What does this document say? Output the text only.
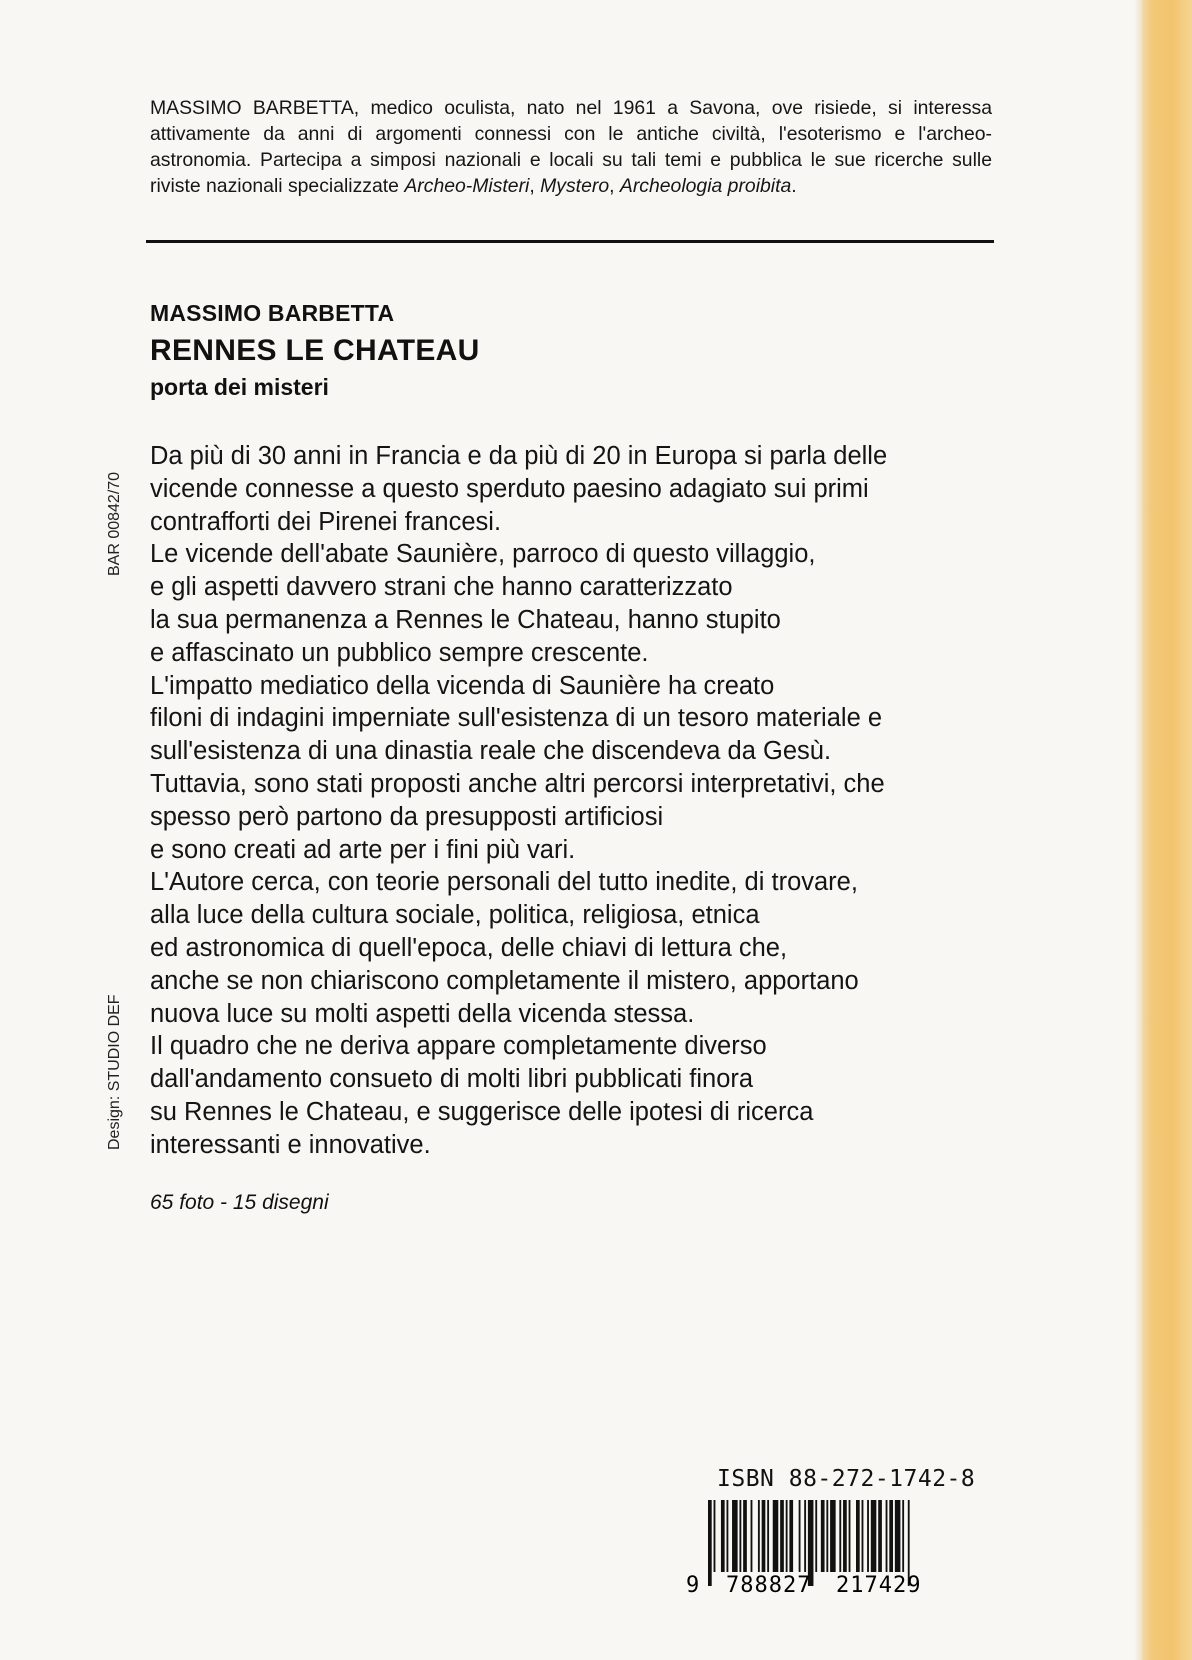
MASSIMO BARBETTA, medico oculista, nato nel 1961 a Savona, ove risiede, si interessa attivamente da anni di argomenti connessi con le antiche civiltà, l'esoterismo e l'archeo-astronomia. Partecipa a simposi nazionali e locali su tali temi e pubblica le sue ricerche sulle riviste nazionali specializzate Archeo-Misteri, Mystero, Archeologia proibita.

MASSIMO BARBETTA
RENNES LE CHATEAU
porta dei misteri
Da più di 30 anni in Francia e da più di 20 in Europa si parla delle
vicende connesse a questo sperduto paesino adagiato sui primi
contrafforti dei Pirenei francesi.
Le vicende dell'abate Saunière, parroco di questo villaggio,
e gli aspetti davvero strani che hanno caratterizzato
la sua permanenza a Rennes le Chateau, hanno stupito
e affascinato un pubblico sempre crescente.
L'impatto mediatico della vicenda di Saunière ha creato
filoni di indagini imperniate sull'esistenza di un tesoro materiale e
sull'esistenza di una dinastia reale che discendeva da Gesù.
Tuttavia, sono stati proposti anche altri percorsi interpretativi, che
spesso però partono da presupposti artificiosi
e sono creati ad arte per i fini più vari.
L'Autore cerca, con teorie personali del tutto inedite, di trovare,
alla luce della cultura sociale, politica, religiosa, etnica
ed astronomica di quell'epoca, delle chiavi di lettura che,
anche se non chiariscono completamente il mistero, apportano
nuova luce su molti aspetti della vicenda stessa.
Il quadro che ne deriva appare completamente diverso
dall'andamento consueto di molti libri pubblicati finora
su Rennes le Chateau, e suggerisce delle ipotesi di ricerca
interessanti e innovative.
65 foto - 15 disegni
BAR 00842/70
Design: STUDIO DEF
ISBN 88-272-1742-8
9 788827 217429
